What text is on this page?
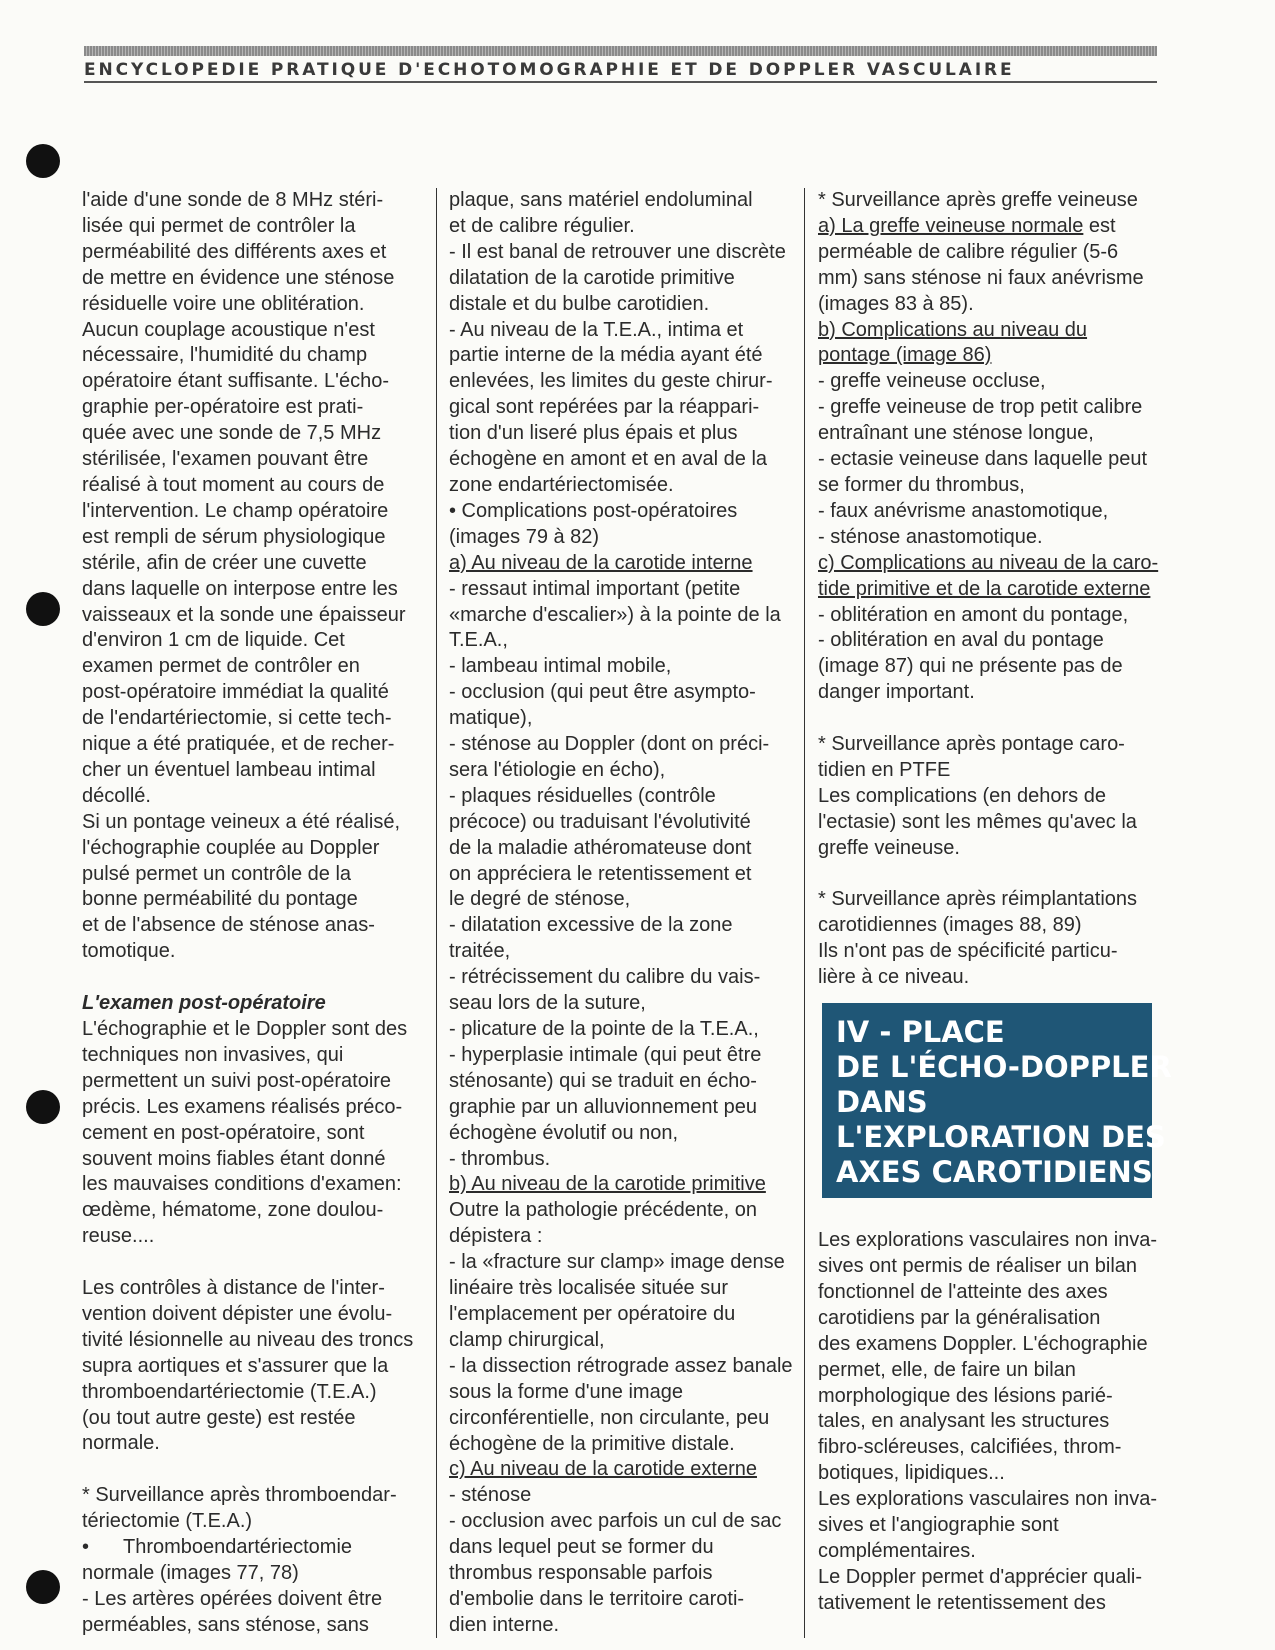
ENCYCLOPEDIE PRATIQUE D'ECHOTOMOGRAPHIE ET DE DOPPLER VASCULAIRE

l'aide d'une sonde de 8 MHz stéri-

lisée qui permet de contrôler la

perméabilité des différents axes et

de mettre en évidence une sténose

résiduelle voire une oblitération.

Aucun couplage acoustique n'est

nécessaire, l'humidité du champ

opératoire étant suffisante. L'écho-

graphie per-opératoire est prati-

quée avec une sonde de 7,5 MHz

stérilisée, l'examen pouvant être

réalisé à tout moment au cours de

l'intervention. Le champ opératoire

est rempli de sérum physiologique

stérile, afin de créer une cuvette

dans laquelle on interpose entre les

vaisseaux et la sonde une épaisseur

d'environ 1 cm de liquide. Cet

examen permet de contrôler en

post-opératoire immédiat la qualité

de l'endartériectomie, si cette tech-

nique a été pratiquée, et de recher-

cher un éventuel lambeau intimal

décollé.

Si un pontage veineux a été réalisé,

l'échographie couplée au Doppler

pulsé permet un contrôle de la

bonne perméabilité du pontage

et de l'absence de sténose anas-

tomotique.

L'examen post-opératoire

L'échographie et le Doppler sont des

techniques non invasives, qui

permettent un suivi post-opératoire

précis. Les examens réalisés préco-

cement en post-opératoire, sont

souvent moins fiables étant donné

les mauvaises conditions d'examen:

œdème, hématome, zone doulou-

reuse....

Les contrôles à distance de l'inter-

vention doivent dépister une évolu-

tivité lésionnelle au niveau des troncs

supra aortiques et s'assurer que la

thromboendartériectomie (T.E.A.)

(ou tout autre geste) est restée

normale.

* Surveillance après thromboendar-

tériectomie (T.E.A.)

• Thromboendartériectomie

normale (images 77, 78)

- Les artères opérées doivent être

perméables, sans sténose, sans

plaque, sans matériel endoluminal

et de calibre régulier.

- Il est banal de retrouver une discrète

dilatation de la carotide primitive

distale et du bulbe carotidien.

- Au niveau de la T.E.A., intima et

partie interne de la média ayant été

enlevées, les limites du geste chirur-

gical sont repérées par la réappari-

tion d'un liseré plus épais et plus

échogène en amont et en aval de la

zone endartériectomisée.

• Complications post-opératoires

(images 79 à 82)

a) Au niveau de la carotide interne

- ressaut intimal important (petite

«marche d'escalier») à la pointe de la

T.E.A.,

- lambeau intimal mobile,

- occlusion (qui peut être asympto-

matique),

- sténose au Doppler (dont on préci-

sera l'étiologie en écho),

- plaques résiduelles (contrôle

précoce) ou traduisant l'évolutivité

de la maladie athéromateuse dont

on appréciera le retentissement et

le degré de sténose,

- dilatation excessive de la zone

traitée,

- rétrécissement du calibre du vais-

seau lors de la suture,

- plicature de la pointe de la T.E.A.,

- hyperplasie intimale (qui peut être

sténosante) qui se traduit en écho-

graphie par un alluvionnement peu

échogène évolutif ou non,

- thrombus.

b) Au niveau de la carotide primitive

Outre la pathologie précédente, on

dépistera :

- la «fracture sur clamp» image dense

linéaire très localisée située sur

l'emplacement per opératoire du

clamp chirurgical,

- la dissection rétrograde assez banale

sous la forme d'une image

circonférentielle, non circulante, peu

échogène de la primitive distale.

c) Au niveau de la carotide externe

- sténose

- occlusion avec parfois un cul de sac

dans lequel peut se former du

thrombus responsable parfois

d'embolie dans le territoire caroti-

dien interne.

* Surveillance après greffe veineuse

a) La greffe veineuse normale est

perméable de calibre régulier (5-6

mm) sans sténose ni faux anévrisme

(images 83 à 85).

b) Complications au niveau du

pontage (image 86)

- greffe veineuse occluse,

- greffe veineuse de trop petit calibre

entraînant une sténose longue,

- ectasie veineuse dans laquelle peut

se former du thrombus,

- faux anévrisme anastomotique,

- sténose anastomotique.

c) Complications au niveau de la caro-

tide primitive et de la carotide externe

- oblitération en amont du pontage,

- oblitération en aval du pontage

(image 87) qui ne présente pas de

danger important.

* Surveillance après pontage caro-

tidien en PTFE

Les complications (en dehors de

l'ectasie) sont les mêmes qu'avec la

greffe veineuse.

* Surveillance après réimplantations

carotidiennes (images 88, 89)

Ils n'ont pas de spécificité particu-

lière à ce niveau.

IV - PLACE
DE L'ÉCHO-DOPPLER
DANS
L'EXPLORATION DES
AXES CAROTIDIENS

Les explorations vasculaires non inva-

sives ont permis de réaliser un bilan

fonctionnel de l'atteinte des axes

carotidiens par la généralisation

des examens Doppler. L'échographie

permet, elle, de faire un bilan

morphologique des lésions parié-

tales, en analysant les structures

fibro-scléreuses, calcifiées, throm-

botiques, lipidiques...

Les explorations vasculaires non inva-

sives et l'angiographie sont

complémentaires.

Le Doppler permet d'apprécier quali-

tativement le retentissement des
